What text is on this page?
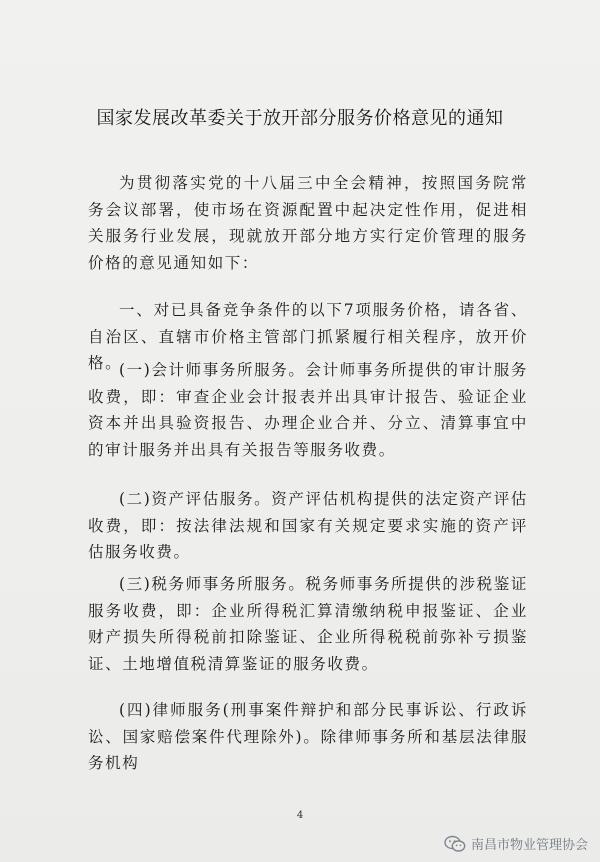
国家发展改革委关于放开部分服务价格意见的通知

为贯彻落实党的十八届三中全会精神，按照国务院常务会议部署，使市场在资源配置中起决定性作用，促进相关服务行业发展，现就放开部分地方实行定价管理的服务价格的意见通知如下：

一、对已具备竞争条件的以下7项服务价格，请各省、自治区、直辖市价格主管部门抓紧履行相关程序，放开价格。

(一)会计师事务所服务。会计师事务所提供的审计服务收费，即：审查企业会计报表并出具审计报告、验证企业资本并出具验资报告、办理企业合并、分立、清算事宜中的审计服务并出具有关报告等服务收费。

(二)资产评估服务。资产评估机构提供的法定资产评估收费，即：按法律法规和国家有关规定要求实施的资产评估服务收费。

(三)税务师事务所服务。税务师事务所提供的涉税鉴证服务收费，即：企业所得税汇算清缴纳税申报鉴证、企业财产损失所得税前扣除鉴证、企业所得税税前弥补亏损鉴证、土地增值税清算鉴证的服务收费。

(四)律师服务(刑事案件辩护和部分民事诉讼、行政诉讼、国家赔偿案件代理除外)。除律师事务所和基层法律服务机构

4
南昌市物业管理协会
